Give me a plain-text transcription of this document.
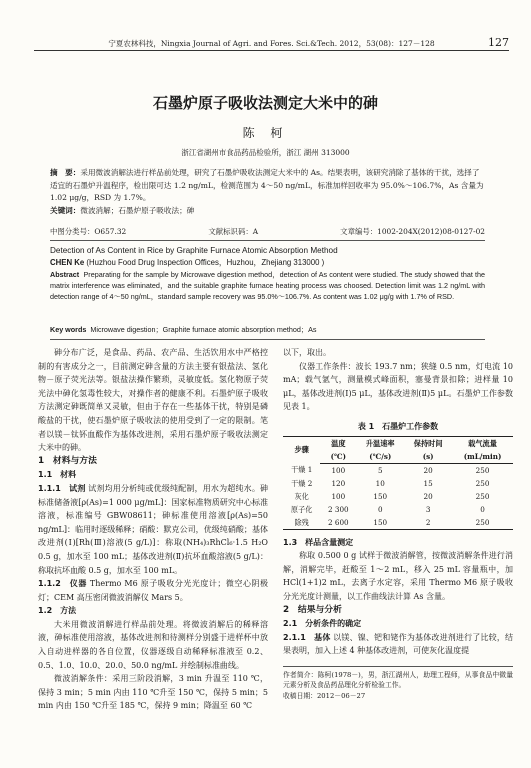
宁夏农林科技，Ningxia Journal of Agri. and Fores. Sci.&Tech. 2012，53(08)：127－128	127
石墨炉原子吸收法测定大米中的砷
陈 柯
浙江省湖州市食品药品检验所，浙江 湖州 313000
摘　要：采用微波消解法进行样品前处理，研究了石墨炉吸收法测定大米中的 As。结果表明，该研究消除了基体的干扰，选择了适宜的石墨炉升温程序，检出限可达 1.2 ng/mL，检测范围为 4～50 ng/mL，标准加样回收率为 95.0%～106.7%，As 含量为 1.02 μg/g，RSD 为 1.7%。
关键词：微波消解；石墨炉原子吸收法；砷
中图分类号：O657.32	文献标识码：A	文章编号：1002-204X(2012)08-0127-02
Detection of As Content in Rice by Graphite Furnace Atomic Absorption Method
CHEN Ke (Huzhou Food Drug Inspection Offices，Huzhou，Zhejiang 313000 )
Abstract Preparating for the sample by Microwave digestion method，detection of As content were studied. The study showed that the matrix interference was eliminated，and the suitable graphite furnace heating process was choosed. Detection limit was 1.2 ng/mL with detection range of 4～50 ng/mL，standard sample recovery was 95.0%～106.7%. As content was 1.02 μg/g with 1.7% of RSD.
Key words Microwave digestion；Graphite furnace atomic absorption method；As

砷分布广泛，是食品、药品、农产品、生活饮用水中严格控制的有害成分之一，目前测定砷含量的方法主要有银盐法、氢化物－原子荧光法等。银盐法操作繁琐，灵敏度低。氢化物原子荧光法中砷化氢毒性较大，对操作者的健康不利。石墨炉原子吸收方法测定砷既简单又灵敏，但由于存在一些基体干扰，特别是磷酸盐的干扰，使石墨炉原子吸收法的使用受到了一定的限制。笔者以镁－钛钚血酸作为基体改进剂，采用石墨炉原子吸收法测定大米中的砷。

1　材料与方法

1.1　材料

1.1.1　试剂 试剂均用分析纯或优级纯配制，用水为超纯水。砷标准储备液[ρ(As)=1 000 μg/mL]：国家标准物质研究中心标准溶液，标准编号 GBW08611；砷标准使用溶液[ρ(As)=50 ng/mL]：临用时逐级稀释；硝酸：默克公司，优级纯硝酸；基体改进剂(Ⅰ)[Rh(Ⅲ)溶液(5 g/L)]：称取(NH₄)₃RhCl₆·1.5 H₂O 0.5 g，加水至 100 mL；基体改进剂(Ⅱ)抗坏血酸溶液(5 g/L)：称取抗坏血酸 0.5 g，加水至 100 mL。

1.1.2　仪器 Thermo M6 原子吸收分光光度计；微空心阴极灯；CEM 高压密闭微波消解仪 Mars 5。

1.2　方法

大米用微波消解进行样品前处理。将微波消解后的稀释溶液，砷标准使用溶液，基体改进剂和待测样分别盛于进样杯中放入自动进样器的各自位置，仪器逐级自动稀释标准液至 0.2、0.5、1.0、10.0、20.0、50.0 ng/mL 并绘制标准曲线。

微波消解条件：采用三阶段消解，3 min 升温至 110 ℃，保持 3 min；5 min 内由 110 ℃升至 150 ℃，保持 5 min；5 min 内由 150 ℃升至 185 ℃，保持 9 min；降温至 60 ℃

以下，取出。

仪器工作条件：波长 193.7 nm；狭缝 0.5 nm，灯电流 10 mA；载气氩气，测量模式峰面积，塞曼背景扣除；进样量 10 μL，基体改进剂(Ⅰ)5 μL，基体改进剂(Ⅱ)5 μL。石墨炉工作参数见表 1。

表 1　石墨炉工作参数
步骤	温度	升温速率	保持时间	载气流量
	(℃)	(℃/s)	(s)	(mL/min)
干燥 1	100	5	20	250
干燥 2	120	10	15	250
灰化	100	150	20	250
原子化	2 300	0	3	0
除残	2 600	150	2	250

1.3　样品含量测定

称取 0.500 0 g 试样于微波消解管，按微波消解条件进行消解，消解完毕，赶酸至 1～2 mL，移入 25 mL 容量瓶中，加 HCl(1+1)2 mL，去离子水定容，采用 Thermo M6 原子吸收分光光度计测量，以工作曲线法计算 As 含量。

2　结果与分析

2.1　分析条件的确定

2.1.1　基体 以镁、镍、钯和铑作为基体改进剂进行了比较，结果表明，加入上述 4 种基体改进剂，可使灰化温度提

作者简介：陈柯(1978－)，男，浙江湖州人，助理工程师，从事食品中微量元素分析及食品药品理化分析检验工作。
收稿日期：2012－06－27
